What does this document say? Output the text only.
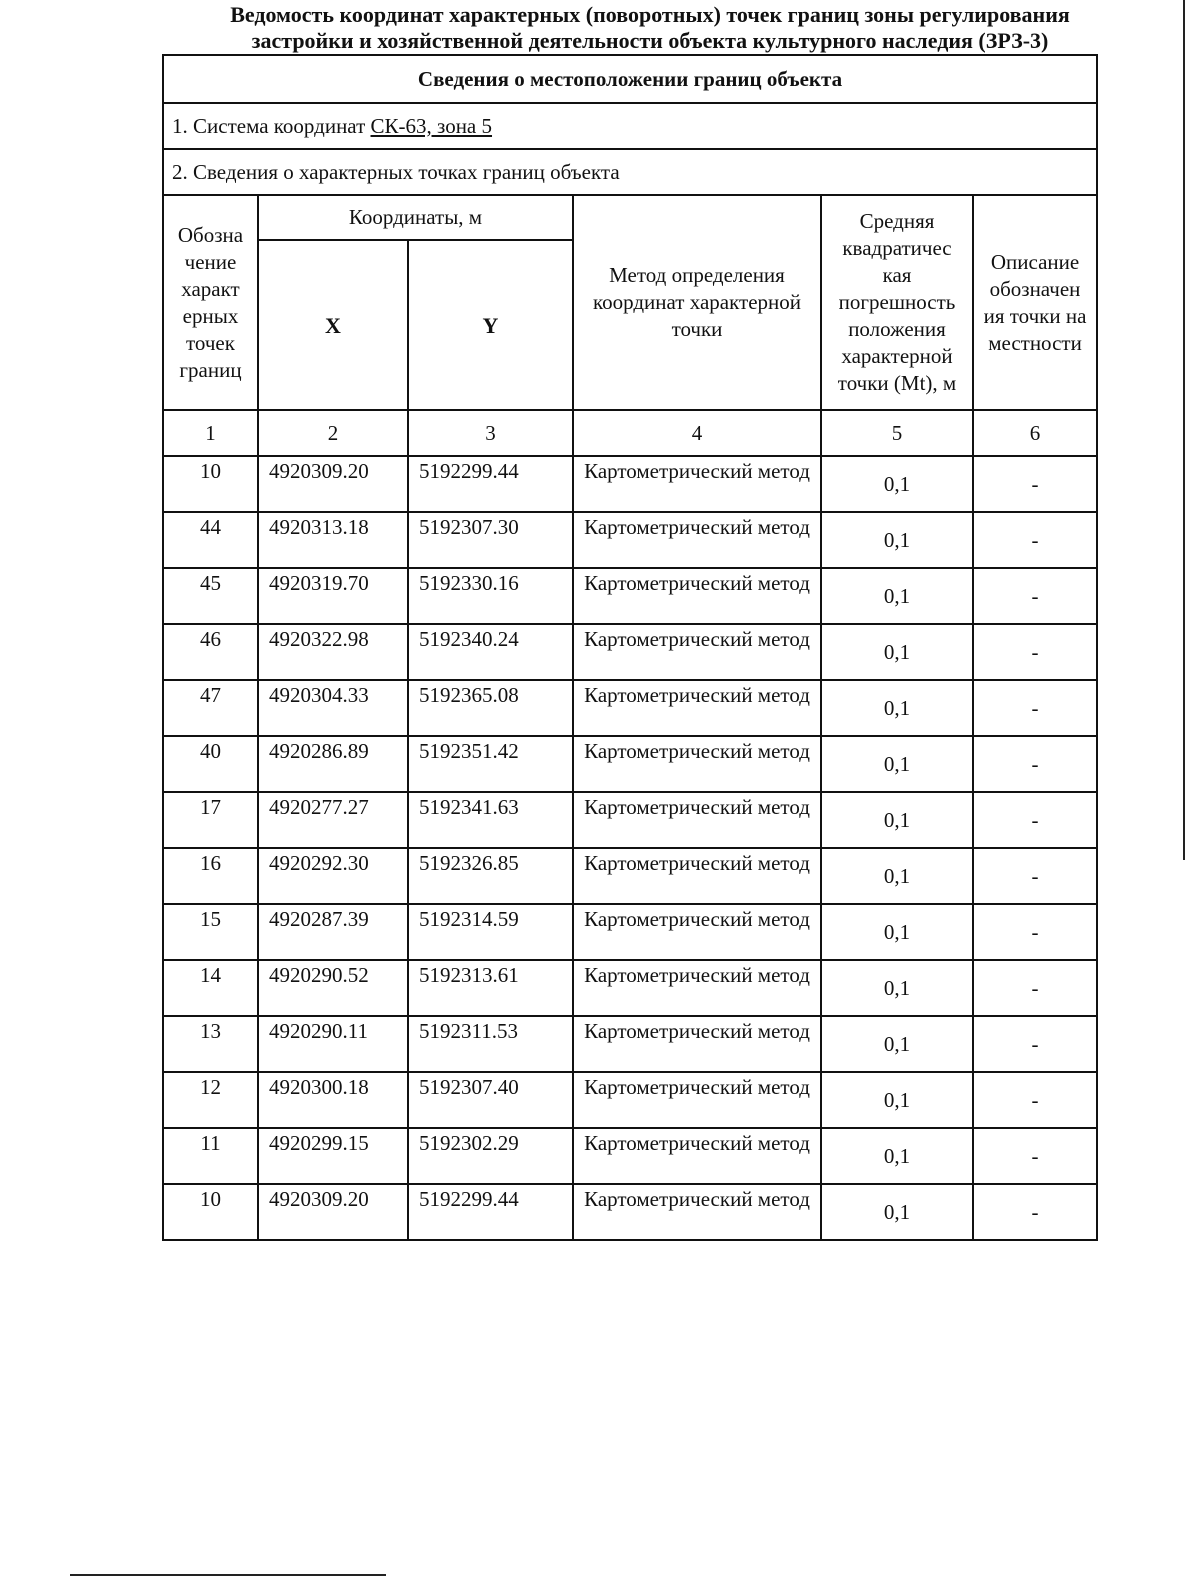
Ведомость координат характерных (поворотных) точек границ зоны регулирования
застройки и хозяйственной деятельности объекта культурного наследия (ЗРЗ-3)
Сведения о местоположении границ объекта					
1. Система координат СК-63, зона 5					
2. Сведения о характерных точках границ объекта					
Обозна чение характ ерных точек границ	Координаты, м		Метод определения координат характерной точки	Средняя квадратичес кая погрешность положения характерной точки (Mt), м	Описание обозначен ия точки на местности
	X	Y			
1	2	3	4	5	6
10	4920309.20	5192299.44	Картометрический метод	0,1	-
44	4920313.18	5192307.30	Картометрический метод	0,1	-
45	4920319.70	5192330.16	Картометрический метод	0,1	-
46	4920322.98	5192340.24	Картометрический метод	0,1	-
47	4920304.33	5192365.08	Картометрический метод	0,1	-
40	4920286.89	5192351.42	Картометрический метод	0,1	-
17	4920277.27	5192341.63	Картометрический метод	0,1	-
16	4920292.30	5192326.85	Картометрический метод	0,1	-
15	4920287.39	5192314.59	Картометрический метод	0,1	-
14	4920290.52	5192313.61	Картометрический метод	0,1	-
13	4920290.11	5192311.53	Картометрический метод	0,1	-
12	4920300.18	5192307.40	Картометрический метод	0,1	-
11	4920299.15	5192302.29	Картометрический метод	0,1	-
10	4920309.20	5192299.44	Картометрический метод	0,1	-
